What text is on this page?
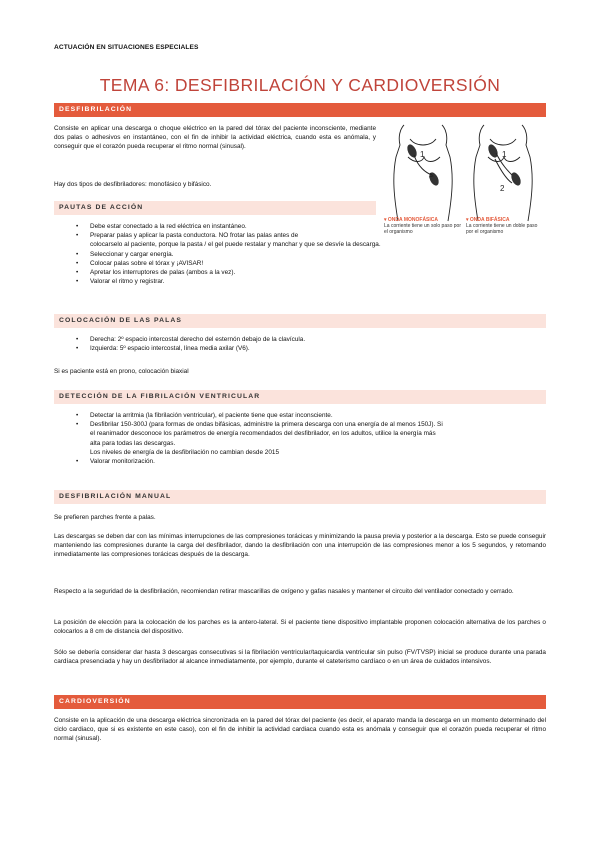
ACTUACIÓN EN SITUACIONES ESPECIALES
TEMA 6: DESFIBRILACIÓN Y CARDIOVERSIÓN
DESFIBRILACIÓN
Consiste en aplicar una descarga o choque eléctrico en la pared del tórax del paciente inconsciente, mediante dos palas o adhesivos en instantáneo, con el fin de inhibir la actividad eléctrica, cuando esta es anómala, y conseguir que el corazón pueda recuperar el ritmo normal (sinusal).
Hay dos tipos de desfibriladores: monofásico y bifásico.
1	1
2
▾ ONDA MONOFÁSICA
La corriente tiene un solo paso por el organismo
▾ ONDA BIFÁSICA
La corriente tiene un doble paso por el organismo
PAUTAS DE ACCIÓN
• Debe estar conectado a la red eléctrica en instantáneo.
• Preparar palas y aplicar la pasta conductora. NO frotar las palas antes de
colocarselo al paciente, porque la pasta / el gel puede restalar y manchar y que se desvíe la descarga.
• Seleccionar y cargar energía.
• Colocar palas sobre el tórax y ¡AVISAR!
• Apretar los interruptores de palas (ambos a la vez).
• Valorar el ritmo y registrar.
COLOCACIÓN DE LAS PALAS
• Derecha: 2º espacio intercostal derecho del esternón debajo de la clavícula.
• Izquierda: 5º espacio intercostal, línea media axilar (V6).
Si es paciente está en prono, colocación biaxial
DETECCIÓN DE LA FIBRILACIÓN VENTRICULAR
• Detectar la arritmia (la fibrilación ventricular), el paciente tiene que estar inconsciente.
• Desfibrilar 150-300J (para formas de ondas bifásicas, administre la primera descarga con una energía de al menos 150J). Si
el reanimador desconoce los parámetros de energía recomendados del desfibrilador, en los adultos, utilice la energía más
alta para todas las descargas.
Los niveles de energía de la desfibrilación no cambian desde 2015
• Valorar monitorización.
DESFIBRILACIÓN MANUAL
Se prefieren parches frente a palas.
Las descargas se deben dar con las mínimas interrupciones de las compresiones torácicas y minimizando la pausa previa y posterior a la descarga. Esto se puede conseguir manteniendo las compresiones durante la carga del desfibrilador, dando la desfibrilación con una interrupción de las compresiones menor a los 5 segundos, y retomando inmediatamente las compresiones torácicas después de la descarga.
Respecto a la seguridad de la desfibrilación, recomiendan retirar mascarillas de oxígeno y gafas nasales y mantener el circuito del ventilador conectado y cerrado.
La posición de elección para la colocación de los parches es la antero-lateral. Si el paciente tiene dispositivo implantable proponen colocación alternativa de los parches o colocarlos a 8 cm de distancia del dispositivo.
Sólo se debería considerar dar hasta 3 descargas consecutivas si la fibrilación ventricular/taquicardia ventricular sin pulso (FV/TVSP) inicial se produce durante una parada cardíaca presenciada y hay un desfibrilador al alcance inmediatamente, por ejemplo, durante el cateterismo cardíaco o en un área de cuidados intensivos.
CARDIOVERSIÓN
Consiste en la aplicación de una descarga eléctrica sincronizada en la pared del tórax del paciente (es decir, el aparato manda la descarga en un momento determinado del ciclo cardiaco, que si es existente en este caso), con el fin de inhibir la actividad cardiaca cuando esta es anómala y conseguir que el corazón pueda recuperar el ritmo normal (sinusal).
